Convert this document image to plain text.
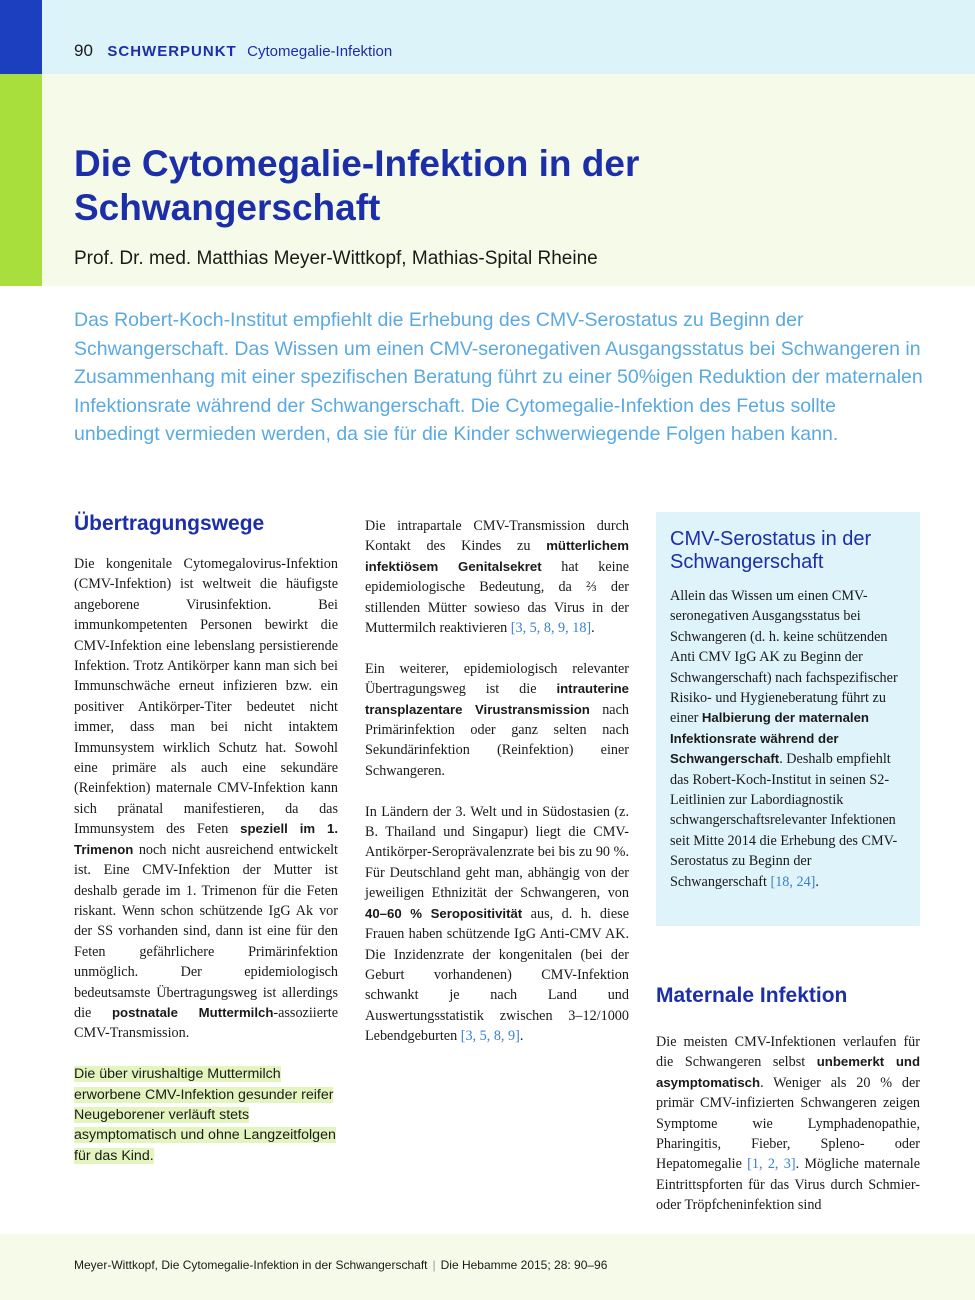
90 SCHWERPUNKT Cytomegalie-Infektion
Die Cytomegalie-Infektion in der Schwangerschaft
Prof. Dr. med. Matthias Meyer-Wittkopf, Mathias-Spital Rheine
Das Robert-Koch-Institut empfiehlt die Erhebung des CMV-Serostatus zu Beginn der Schwangerschaft. Das Wissen um einen CMV-seronegativen Ausgangsstatus bei Schwangeren in Zusammenhang mit einer spezifischen Beratung führt zu einer 50%igen Reduktion der maternalen Infektionsrate während der Schwangerschaft. Die Cytomegalie-Infektion des Fetus sollte unbedingt vermieden werden, da sie für die Kinder schwerwiegende Folgen haben kann.
Übertragungswege

Die kongenitale Cytomegalovirus-Infektion (CMV-Infektion) ist weltweit die häufigste angeborene Virusinfektion. Bei immunkompetenten Personen bewirkt die CMV-Infektion eine lebenslang persistierende Infektion. Trotz Antikörper kann man sich bei Immunschwäche erneut infizieren bzw. ein positiver Antikörper-Titer bedeutet nicht immer, dass man bei nicht intaktem Immunsystem wirklich Schutz hat. Sowohl eine primäre als auch eine sekundäre (Reinfektion) maternale CMV-Infektion kann sich pränatal manifestieren, da das Immunsystem des Feten speziell im 1. Trimenon noch nicht ausreichend entwickelt ist. Eine CMV-Infektion der Mutter ist deshalb gerade im 1. Trimenon für die Feten riskant. Wenn schon schützende IgG Ak vor der SS vorhanden sind, dann ist eine für den Feten gefährlichere Primärinfektion unmöglich. Der epidemiologisch bedeutsamste Übertragungsweg ist allerdings die postnatale Muttermilch-assoziierte CMV-Transmission.

Die über virushaltige Muttermilch erworbene CMV-Infektion gesunder reifer Neugeborener verläuft stets asymptomatisch und ohne Langzeitfolgen für das Kind.

Die intrapartale CMV-Transmission durch Kontakt des Kindes zu mütterlichem infektiösem Genitalsekret hat keine epidemiologische Bedeutung, da ⅔ der stillenden Mütter sowieso das Virus in der Muttermilch reaktivieren [3, 5, 8, 9, 18].

Ein weiterer, epidemiologisch relevanter Übertragungsweg ist die intrauterine transplazentare Virustransmission nach Primärinfektion oder ganz selten nach Sekundärinfektion (Reinfektion) einer Schwangeren.

In Ländern der 3. Welt und in Südostasien (z. B. Thailand und Singapur) liegt die CMV-Antikörper-Seroprävalenzrate bei bis zu 90 %. Für Deutschland geht man, abhängig von der jeweiligen Ethnizität der Schwangeren, von 40–60 % Seropositivität aus, d. h. diese Frauen haben schützende IgG Anti-CMV AK. Die Inzidenzrate der kongenitalen (bei der Geburt vorhandenen) CMV-Infektion schwankt je nach Land und Auswertungsstatistik zwischen 3–12/1000 Lebendgeburten [3, 5, 8, 9].

CMV-Serostatus in der Schwangerschaft
Allein das Wissen um einen CMV-seronegativen Ausgangsstatus bei Schwangeren (d. h. keine schützenden Anti CMV IgG AK zu Beginn der Schwangerschaft) nach fachspezifischer Risiko- und Hygieneberatung führt zu einer Halbierung der maternalen Infektionsrate während der Schwangerschaft. Deshalb empfiehlt das Robert-Koch-Institut in seinen S2-Leitlinien zur Labordiagnostik schwangerschaftsrelevanter Infektionen seit Mitte 2014 die Erhebung des CMV-Serostatus zu Beginn der Schwangerschaft [18, 24].
Maternale Infektion

Die meisten CMV-Infektionen verlaufen für die Schwangeren selbst unbemerkt und asymptomatisch. Weniger als 20 % der primär CMV-infizierten Schwangeren zeigen Symptome wie Lymphadenopathie, Pharingitis, Fieber, Spleno- oder Hepatomegalie [1, 2, 3]. Mögliche maternale Eintrittspforten für das Virus durch Schmier- oder Tröpfcheninfektion sind

Meyer-Wittkopf, Die Cytomegalie-Infektion in der Schwangerschaft | Die Hebamme 2015; 28: 90–96
